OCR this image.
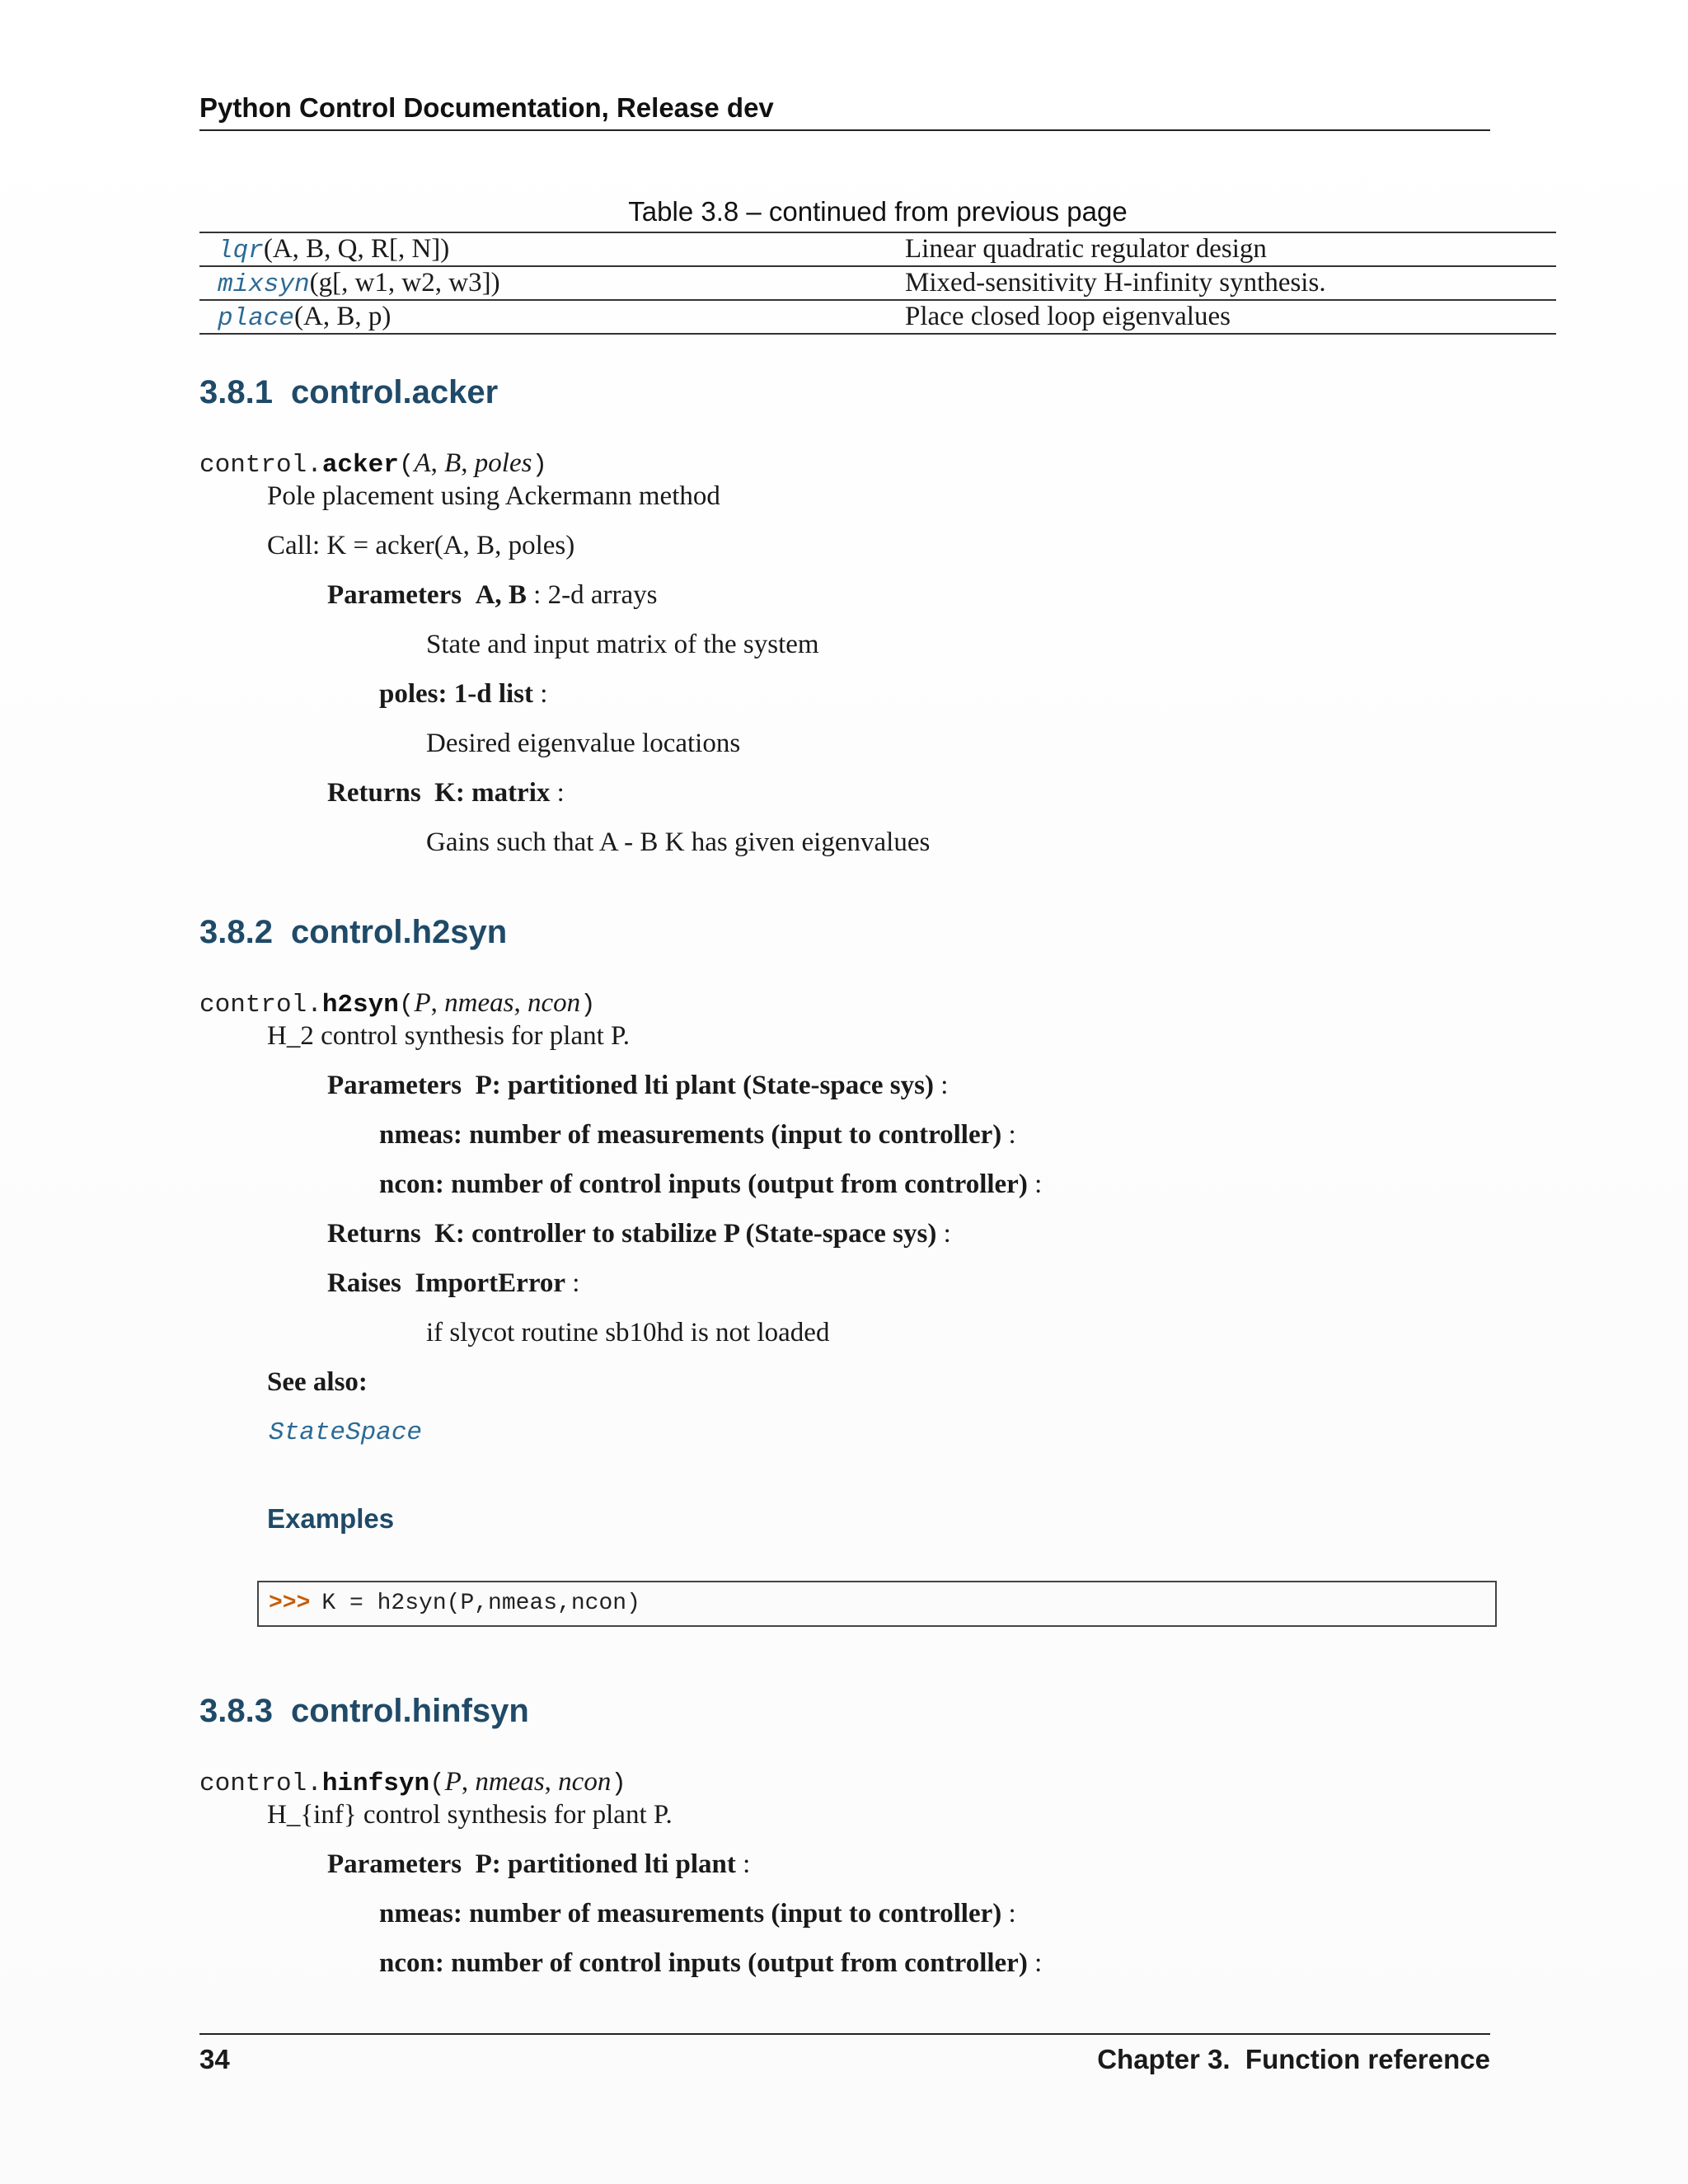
Python Control Documentation, Release dev
Table 3.8 – continued from previous page
lqr(A, B, Q, R[, N])	Linear quadratic regulator design
mixsyn(g[, w1, w2, w3])	Mixed-sensitivity H-infinity synthesis.
place(A, B, p)	Place closed loop eigenvalues
3.8.1 control.acker
control.acker(A, B, poles)
Pole placement using Ackermann method
Call: K = acker(A, B, poles)
Parameters A, B : 2-d arrays
State and input matrix of the system
poles: 1-d list :
Desired eigenvalue locations
Returns K: matrix :
Gains such that A - B K has given eigenvalues
3.8.2 control.h2syn
control.h2syn(P, nmeas, ncon)
H_2 control synthesis for plant P.
Parameters P: partitioned lti plant (State-space sys) :
nmeas: number of measurements (input to controller) :
ncon: number of control inputs (output from controller) :
Returns K: controller to stabilize P (State-space sys) :
Raises ImportError :
if slycot routine sb10hd is not loaded
See also:
StateSpace
Examples
>>> K = h2syn(P,nmeas,ncon)
3.8.3 control.hinfsyn
control.hinfsyn(P, nmeas, ncon)
H_{inf} control synthesis for plant P.
Parameters P: partitioned lti plant :
nmeas: number of measurements (input to controller) :
ncon: number of control inputs (output from controller) :
34	Chapter 3.  Function reference
